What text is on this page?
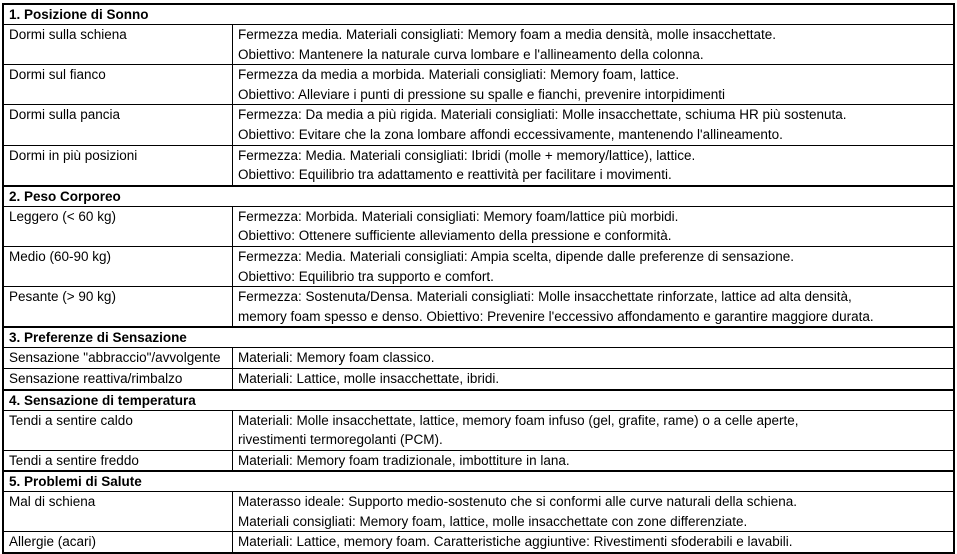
1. Posizione di Sonno
Dormi sulla schiena	Fermezza media. Materiali consigliati: Memory foam a media densità, molle insacchettate.
Obiettivo: Mantenere la naturale curva lombare e l'allineamento della colonna.
Dormi sul fianco	Fermezza da media a morbida. Materiali consigliati: Memory foam, lattice.
Obiettivo: Alleviare i punti di pressione su spalle e fianchi, prevenire intorpidimenti
Dormi sulla pancia	Fermezza: Da media a più rigida. Materiali consigliati: Molle insacchettate, schiuma HR più sostenuta.
Obiettivo: Evitare che la zona lombare affondi eccessivamente, mantenendo l'allineamento.
Dormi in più posizioni	Fermezza: Media. Materiali consigliati: Ibridi (molle + memory/lattice), lattice.
Obiettivo: Equilibrio tra adattamento e reattività per facilitare i movimenti.
2. Peso Corporeo
Leggero (< 60 kg)	Fermezza: Morbida. Materiali consigliati: Memory foam/lattice più morbidi.
Obiettivo: Ottenere sufficiente alleviamento della pressione e conformità.
Medio (60-90 kg)	Fermezza: Media. Materiali consigliati: Ampia scelta, dipende dalle preferenze di sensazione.
Obiettivo: Equilibrio tra supporto e comfort.
Pesante (> 90 kg)	Fermezza: Sostenuta/Densa. Materiali consigliati: Molle insacchettate rinforzate, lattice ad alta densità,
memory foam spesso e denso. Obiettivo: Prevenire l'eccessivo affondamento e garantire maggiore durata.
3. Preferenze di Sensazione
Sensazione "abbraccio"/avvolgente	Materiali: Memory foam classico.
Sensazione reattiva/rimbalzo	Materiali: Lattice, molle insacchettate, ibridi.
4. Sensazione di temperatura
Tendi a sentire caldo	Materiali: Molle insacchettate, lattice, memory foam infuso (gel, grafite, rame) o a celle aperte,
rivestimenti termoregolanti (PCM).
Tendi a sentire freddo	Materiali: Memory foam tradizionale, imbottiture in lana.
5. Problemi di Salute
Mal di schiena	Materasso ideale: Supporto medio-sostenuto che si conformi alle curve naturali della schiena.
Materiali consigliati: Memory foam, lattice, molle insacchettate con zone differenziate.
Allergie (acari)	Materiali: Lattice, memory foam. Caratteristiche aggiuntive: Rivestimenti sfoderabili e lavabili.
